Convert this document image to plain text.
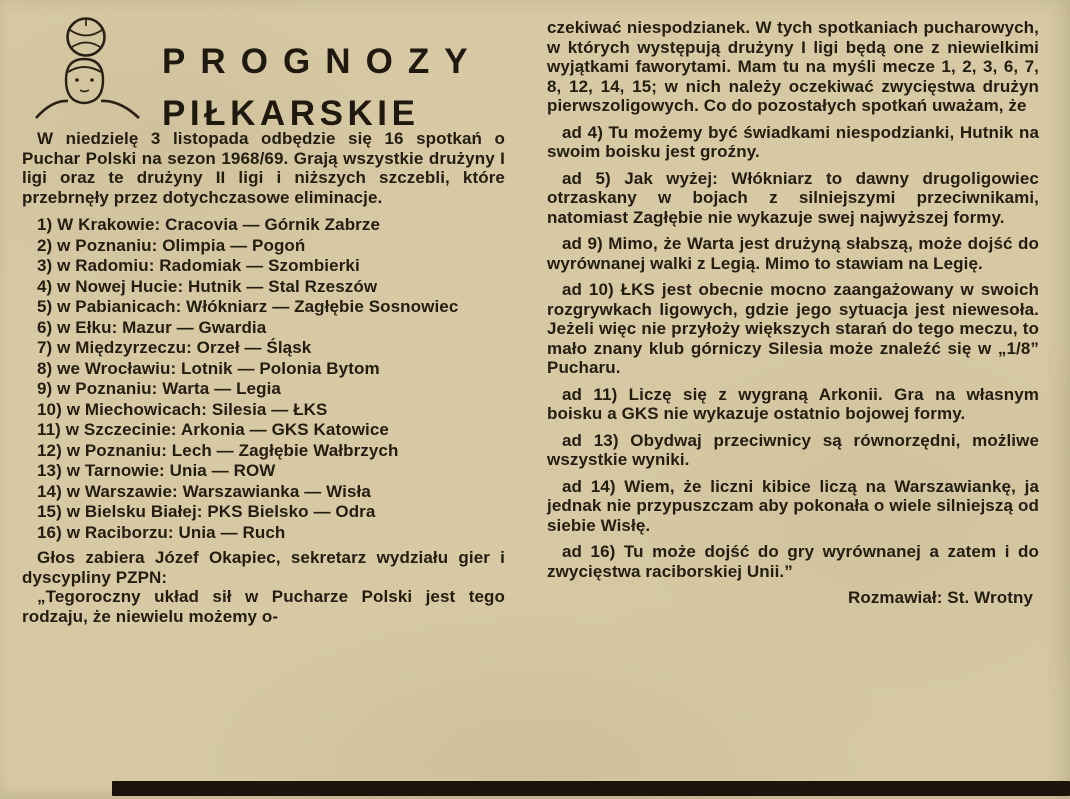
PROGNOZY
PIŁKARSKIE

W niedzielę 3 listopada odbędzie się 16 spotkań o Puchar Polski na sezon 1968/69. Grają wszystkie drużyny I ligi oraz te drużyny II ligi i niższych szczebli, które przebrnęły przez dotychczasowe eliminacje.

1) W Krakowie: Cracovia — Górnik Zabrze

2) w Poznaniu: Olimpia — Pogoń

3) w Radomiu: Radomiak — Szombierki

4) w Nowej Hucie: Hutnik — Stal Rzeszów

5) w Pabianicach: Włókniarz — Zagłębie Sosnowiec

6) w Ełku: Mazur — Gwardia

7) w Międzyrzeczu: Orzeł — Śląsk

8) we Wrocławiu: Lotnik — Polonia Bytom

9) w Poznaniu: Warta — Legia

10) w Miechowicach: Silesia — ŁKS

11) w Szczecinie: Arkonia — GKS Katowice

12) w Poznaniu: Lech — Zagłębie Wałbrzych

13) w Tarnowie: Unia — ROW

14) w Warszawie: Warszawianka — Wisła

15) w Bielsku Białej: PKS Bielsko — Odra

16) w Raciborzu: Unia — Ruch

Głos zabiera Józef Okapiec, sekretarz wydziału gier i dyscypliny PZPN:

„Tegoroczny układ sił w Pucharze Polski jest tego rodzaju, że niewielu możemy o-

czekiwać niespodzianek. W tych spotkaniach pucharowych, w których występują drużyny I ligi będą one z niewielkimi wyjątkami faworytami. Mam tu na myśli mecze 1, 2, 3, 6, 7, 8, 12, 14, 15; w nich należy oczekiwać zwycięstwa drużyn pierwszoligowych. Co do pozostałych spotkań uważam, że

ad 4) Tu możemy być świadkami niespodzianki, Hutnik na swoim boisku jest groźny.

ad 5) Jak wyżej: Włókniarz to dawny drugoligowiec otrzaskany w bojach z silniejszymi przeciwnikami, natomiast Zagłębie nie wykazuje swej najwyższej formy.

ad 9) Mimo, że Warta jest drużyną słabszą, może dojść do wyrównanej walki z Legią. Mimo to stawiam na Legię.

ad 10) ŁKS jest obecnie mocno zaangażowany w swoich rozgrywkach ligowych, gdzie jego sytuacja jest niewesoła. Jeżeli więc nie przyłoży większych starań do tego meczu, to mało znany klub górniczy Silesia może znaleźć się w „1/8” Pucharu.

ad 11) Liczę się z wygraną Arkonii. Gra na własnym boisku a GKS nie wykazuje ostatnio bojowej formy.

ad 13) Obydwaj przeciwnicy są równorzędni, możliwe wszystkie wyniki.

ad 14) Wiem, że liczni kibice liczą na Warszawiankę, ja jednak nie przypuszczam aby pokonała o wiele silniejszą od siebie Wisłę.

ad 16) Tu może dojść do gry wyrównanej a zatem i do zwycięstwa raciborskiej Unii.”

Rozmawiał: St. Wrotny
